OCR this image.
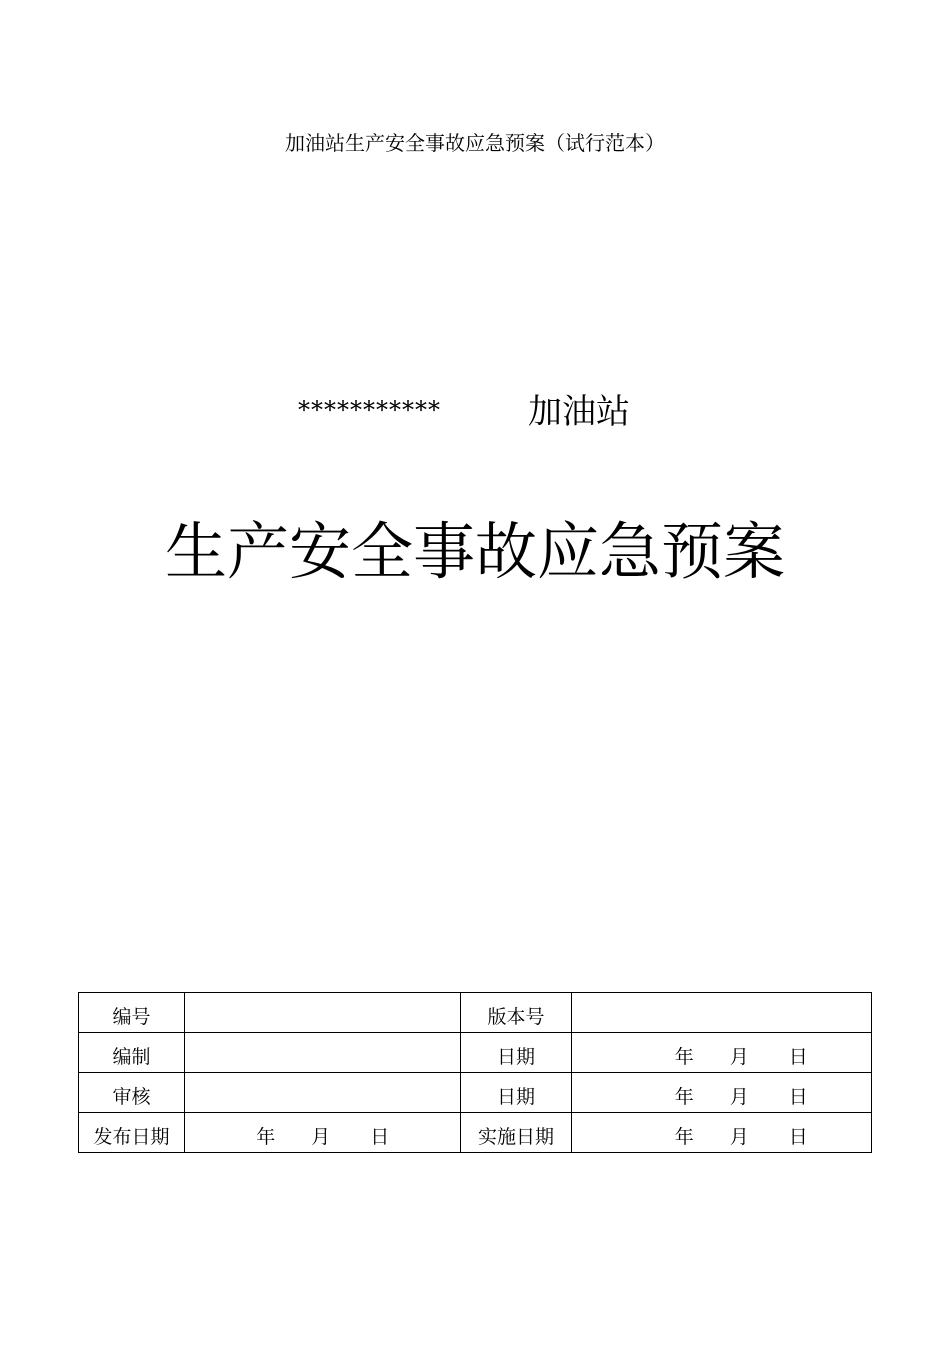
加油站生产安全事故应急预案（试行范本）
***********	加油站
生产安全事故应急预案
编号		版本号	
编制		日期	年 月 日
审核		日期	年 月 日
发布日期	年 月 日	实施日期	年 月 日
